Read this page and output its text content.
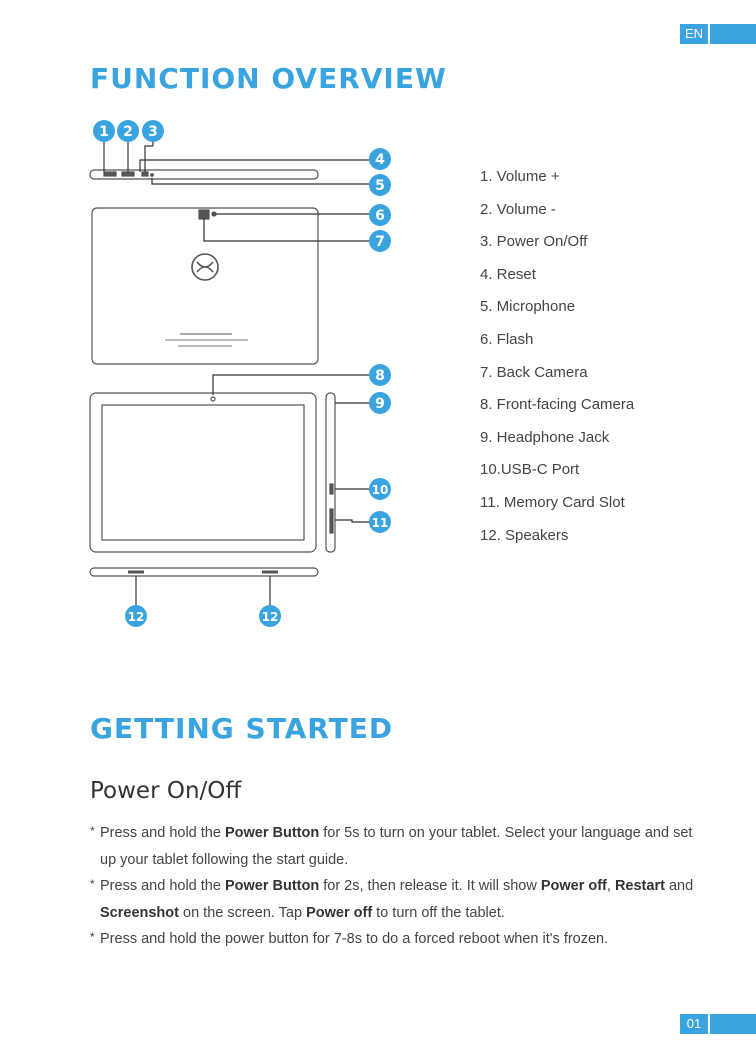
EN
FUNCTION OVERVIEW
1 2 3
4
5
6
7
8
9
10
11
12	12
1. Volume +
2. Volume -
3. Power On/Off
4. Reset
5. Microphone
6. Flash
7. Back Camera
8. Front-facing Camera
9. Headphone Jack
10.USB-C Port
11. Memory Card Slot
12. Speakers
GETTING STARTED
Power On/Off
* Press and hold the Power Button for 5s to turn on your tablet. Select your language and set up your tablet following the start guide.
* Press and hold the Power Button for 2s, then release it. It will show Power off, Restart and Screenshot on the screen. Tap Power off to turn off the tablet.
* Press and hold the power button for 7-8s to do a forced reboot when it's frozen.
01
